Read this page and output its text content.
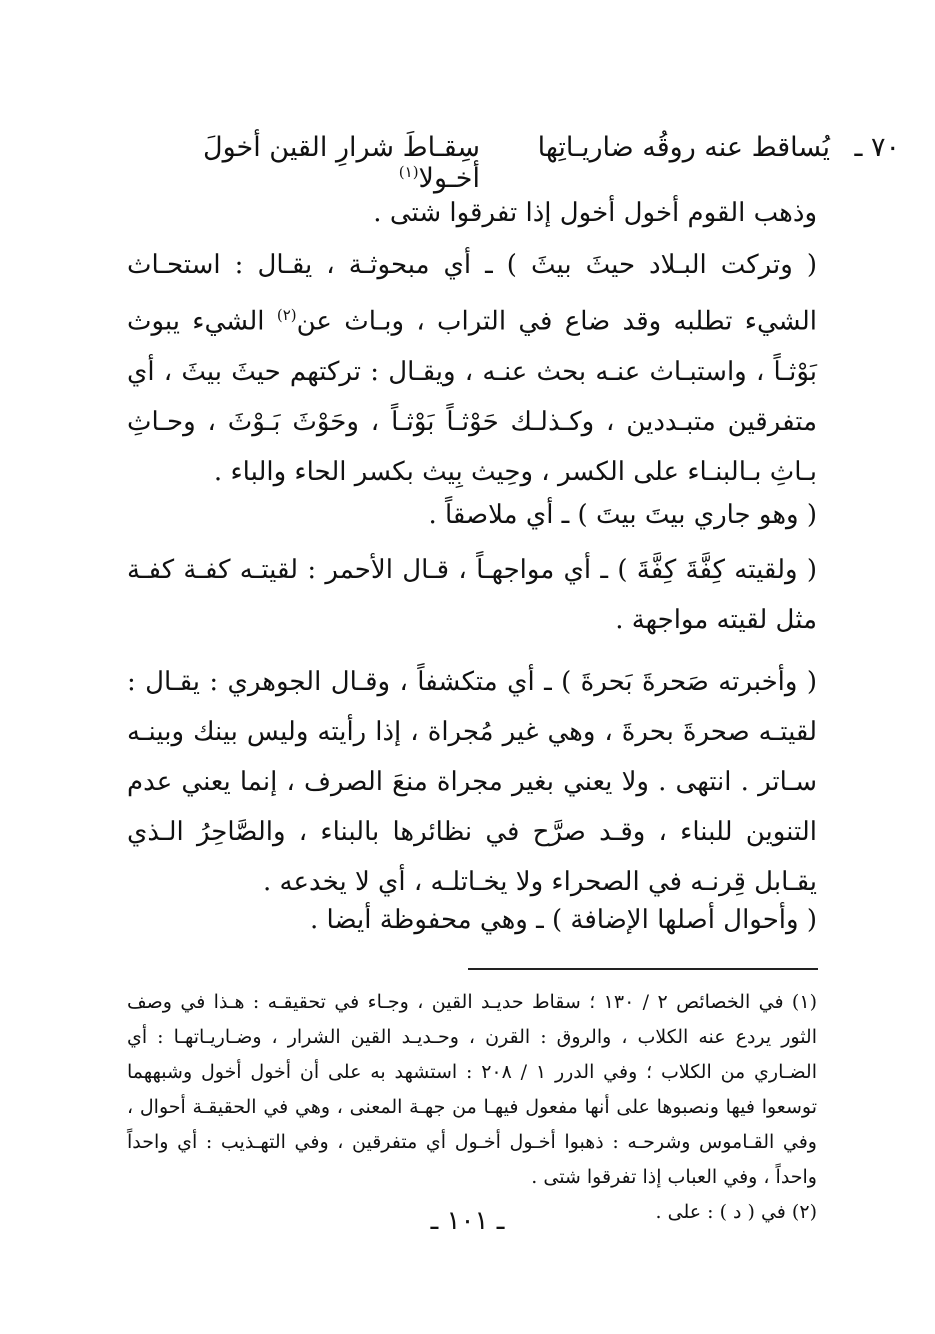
٧٠ ـ
يُساقط عنه روقُه ضاريـاتِها
سِقـاطَ شرارِ القين أخولَ أخـولا$^{(١)}$

وذهب القوم أخول أخول إذا تفرقوا شتى .

( وتركت البـلاد حيثَ بيثَ ) ـ أي مبحوثـة ، يقـال : استحـاث الشيء تطلبه وقد ضاع في التراب ، وبـاث عن$^{(٢)}$ الشيء يبوث بَوْثـاً ، واستبـاث عنـه بحث عنـه ، ويقـال : تركتهم حيثَ بيثَ ، أي متفرقين متبـددين ، وكـذلـك حَوْثـاً بَوْثـاً ، وحَوْثَ بَـوْثَ ، وحـاثِ بـاثِ بـالبنـاء على الكسر ، وحِيث بِيث بكسر الحاء والباء .

( وهو جاري بيتَ بيتَ ) ـ أي ملاصقاً .

( ولقيته كِفَّةَ كِفَّةَ ) ـ أي مواجهـاً ، قـال الأحمر : لقيتـه كفـة كفـة مثل لقيته مواجهة .

( وأخبرته صَحرةَ بَحرةَ ) ـ أي متكشفاً ، وقـال الجوهري : يقـال : لقيتـه صحرةَ بحرةَ ، وهي غير مُجراة ، إذا رأيته وليس بينك وبينـه سـاتر . انتهى . ولا يعني بغير مجراة منعَ الصرف ، إنما يعني عدم التنوين للبناء ، وقـد صرَّح في نظائرها بالبناء ، والصَّاحِرُ الـذي يقـابل قِرنـه في الصحراء ولا يخـاتلـه ، أي لا يخدعه .

( وأحوال أصلها الإضافة ) ـ وهي محفوظة أيضا .

(١) في الخصائص ٢ / ١٣٠ ؛ سقاط حديـد القين ، وجـاء في تحقيقـه : هـذا في وصف الثور يردع عنه الكلاب ، والروق : القرن ، وحـديـد القين الشرار ، وضـاريـاتهـا : أي الضـاري من الكلاب ؛ وفي الدرر ١ / ٢٠٨ : استشهد به على أن أخول أخول وشبههما توسعوا فيها ونصبوها على أنها مفعول فيهـا من جهـة المعنى ، وهي في الحقيقـة أحوال ، وفي القـاموس وشرحـه : ذهبوا أخـول أخـول أي متفرقين ، وفي التهـذيب : أي واحداً واحداً ، وفي العباب إذا تفرقوا شتى .

(٢) في ( د ) : على .

ـ ١٠١ ـ
